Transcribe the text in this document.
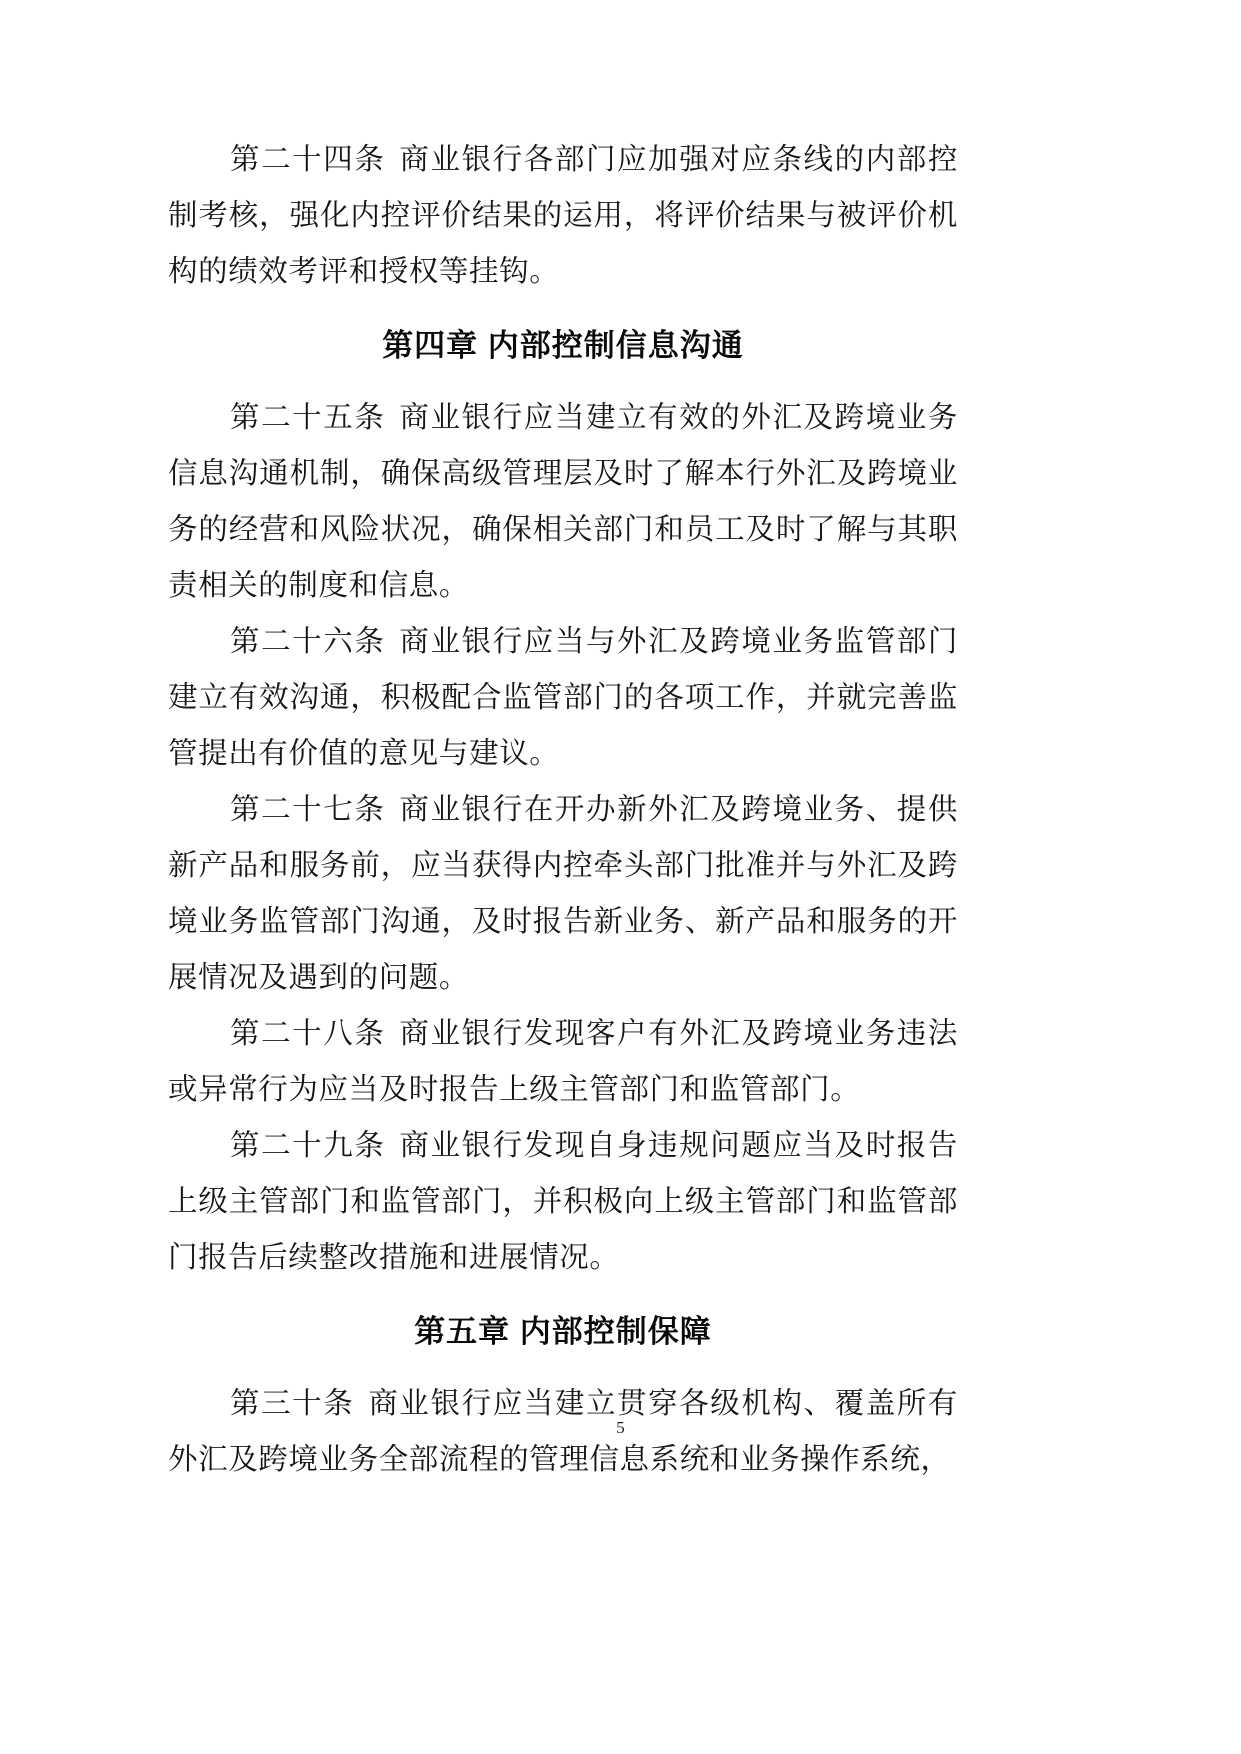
第二十四条 商业银行各部门应加强对应条线的内部控制考核，强化内控评价结果的运用，将评价结果与被评价机构的绩效考评和授权等挂钩。

第四章 内部控制信息沟通

第二十五条 商业银行应当建立有效的外汇及跨境业务信息沟通机制，确保高级管理层及时了解本行外汇及跨境业务的经营和风险状况，确保相关部门和员工及时了解与其职责相关的制度和信息。

第二十六条 商业银行应当与外汇及跨境业务监管部门建立有效沟通，积极配合监管部门的各项工作，并就完善监管提出有价值的意见与建议。

第二十七条 商业银行在开办新外汇及跨境业务、提供新产品和服务前，应当获得内控牵头部门批准并与外汇及跨境业务监管部门沟通，及时报告新业务、新产品和服务的开展情况及遇到的问题。

第二十八条 商业银行发现客户有外汇及跨境业务违法或异常行为应当及时报告上级主管部门和监管部门。

第二十九条 商业银行发现自身违规问题应当及时报告上级主管部门和监管部门，并积极向上级主管部门和监管部门报告后续整改措施和进展情况。

第五章 内部控制保障

第三十条 商业银行应当建立贯穿各级机构、覆盖所有外汇及跨境业务全部流程的管理信息系统和业务操作系统，

5
